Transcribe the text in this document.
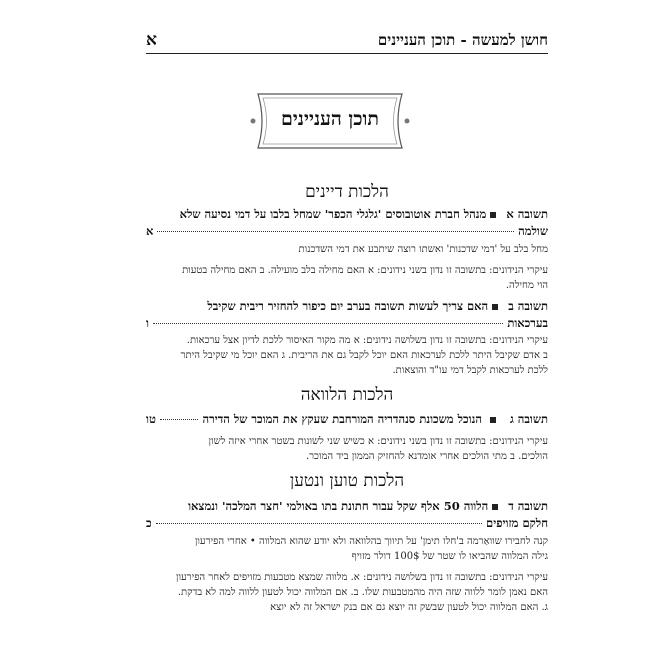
חושן למעשה - תוכן העניינים
א
תוכן העניינים
הלכות דיינים
תשובה אמנהל חברת אוטובוסים 'גלגלי הכפר' שמחל בלבו על דמי נסיעה שלא
שולמה
א
מחל בלב על 'דמי שדכנות' ואשתו רוצה שיתבע את דמי השדכנות
עיקרי הנידונים: בתשובה זו נדון בשני נידונים: א האם מחילה בלב מועילה. ב האם מחילה בטעות
הוי מחילה.
תשובה בהאם צריך לעשות תשובה בערב יום כיפור להחזיר ריבית שקיבל
בערכאות
ו
עיקרי הנידונים: בתשובה זו נדון בשלושה נידונים: א מה מקור האיסור ללכת לדיון אצל ערכאות.
ב אדם שקיבל היתר ללכת לערכאות האם יוכל לקבל גם את הריבית. ג האם יוכל מי שקיבל היתר
ללכת לערכאות לקבל דמי עו"ד והוצאות.
הלכות הלוואה
תשובה ג
הנוכל משכונת סנהדריה המורחבת שעקץ את המוכר של הדירה
טו
עיקרי הנידונים: בתשובה זו נדון בשני נידונים: א כשיש שני לשונות בשטר אחרי איזה לשון
הולכים. ב מתי הולכים אחרי אומדנא להחזיק הממון ביד המוכר.
הלכות טוען ונטען
תשובה דהלווה 50 אלף שקל עבור חתונת בתו באולמי 'חצר המלכה' ונמצאו
חלקם מזויפים
כ
קנה לחבירו שוואַרמה ב'חלו תימן' על תיווך בהלוואה ולא יודע שהוא המלווה • אחרי הפירעון
גילה המלווה שהביאו לו שטר של 100$ דולר מזויף
עיקרי הנידונים: בתשובה זו נדון בשלושה נידונים: א. מלווה שמצא מטבעות מזויפים לאחר הפירעון
האם נאמן לומר ללווה שזה היה מהמטבעות שלו. ב. אם המלווה יכול לטעון ללווה למה לא בדקת.
ג. האם המלווה יכול לטעון שבשק זה יוצא גם אם בנק ישראל זה לא יוצא
